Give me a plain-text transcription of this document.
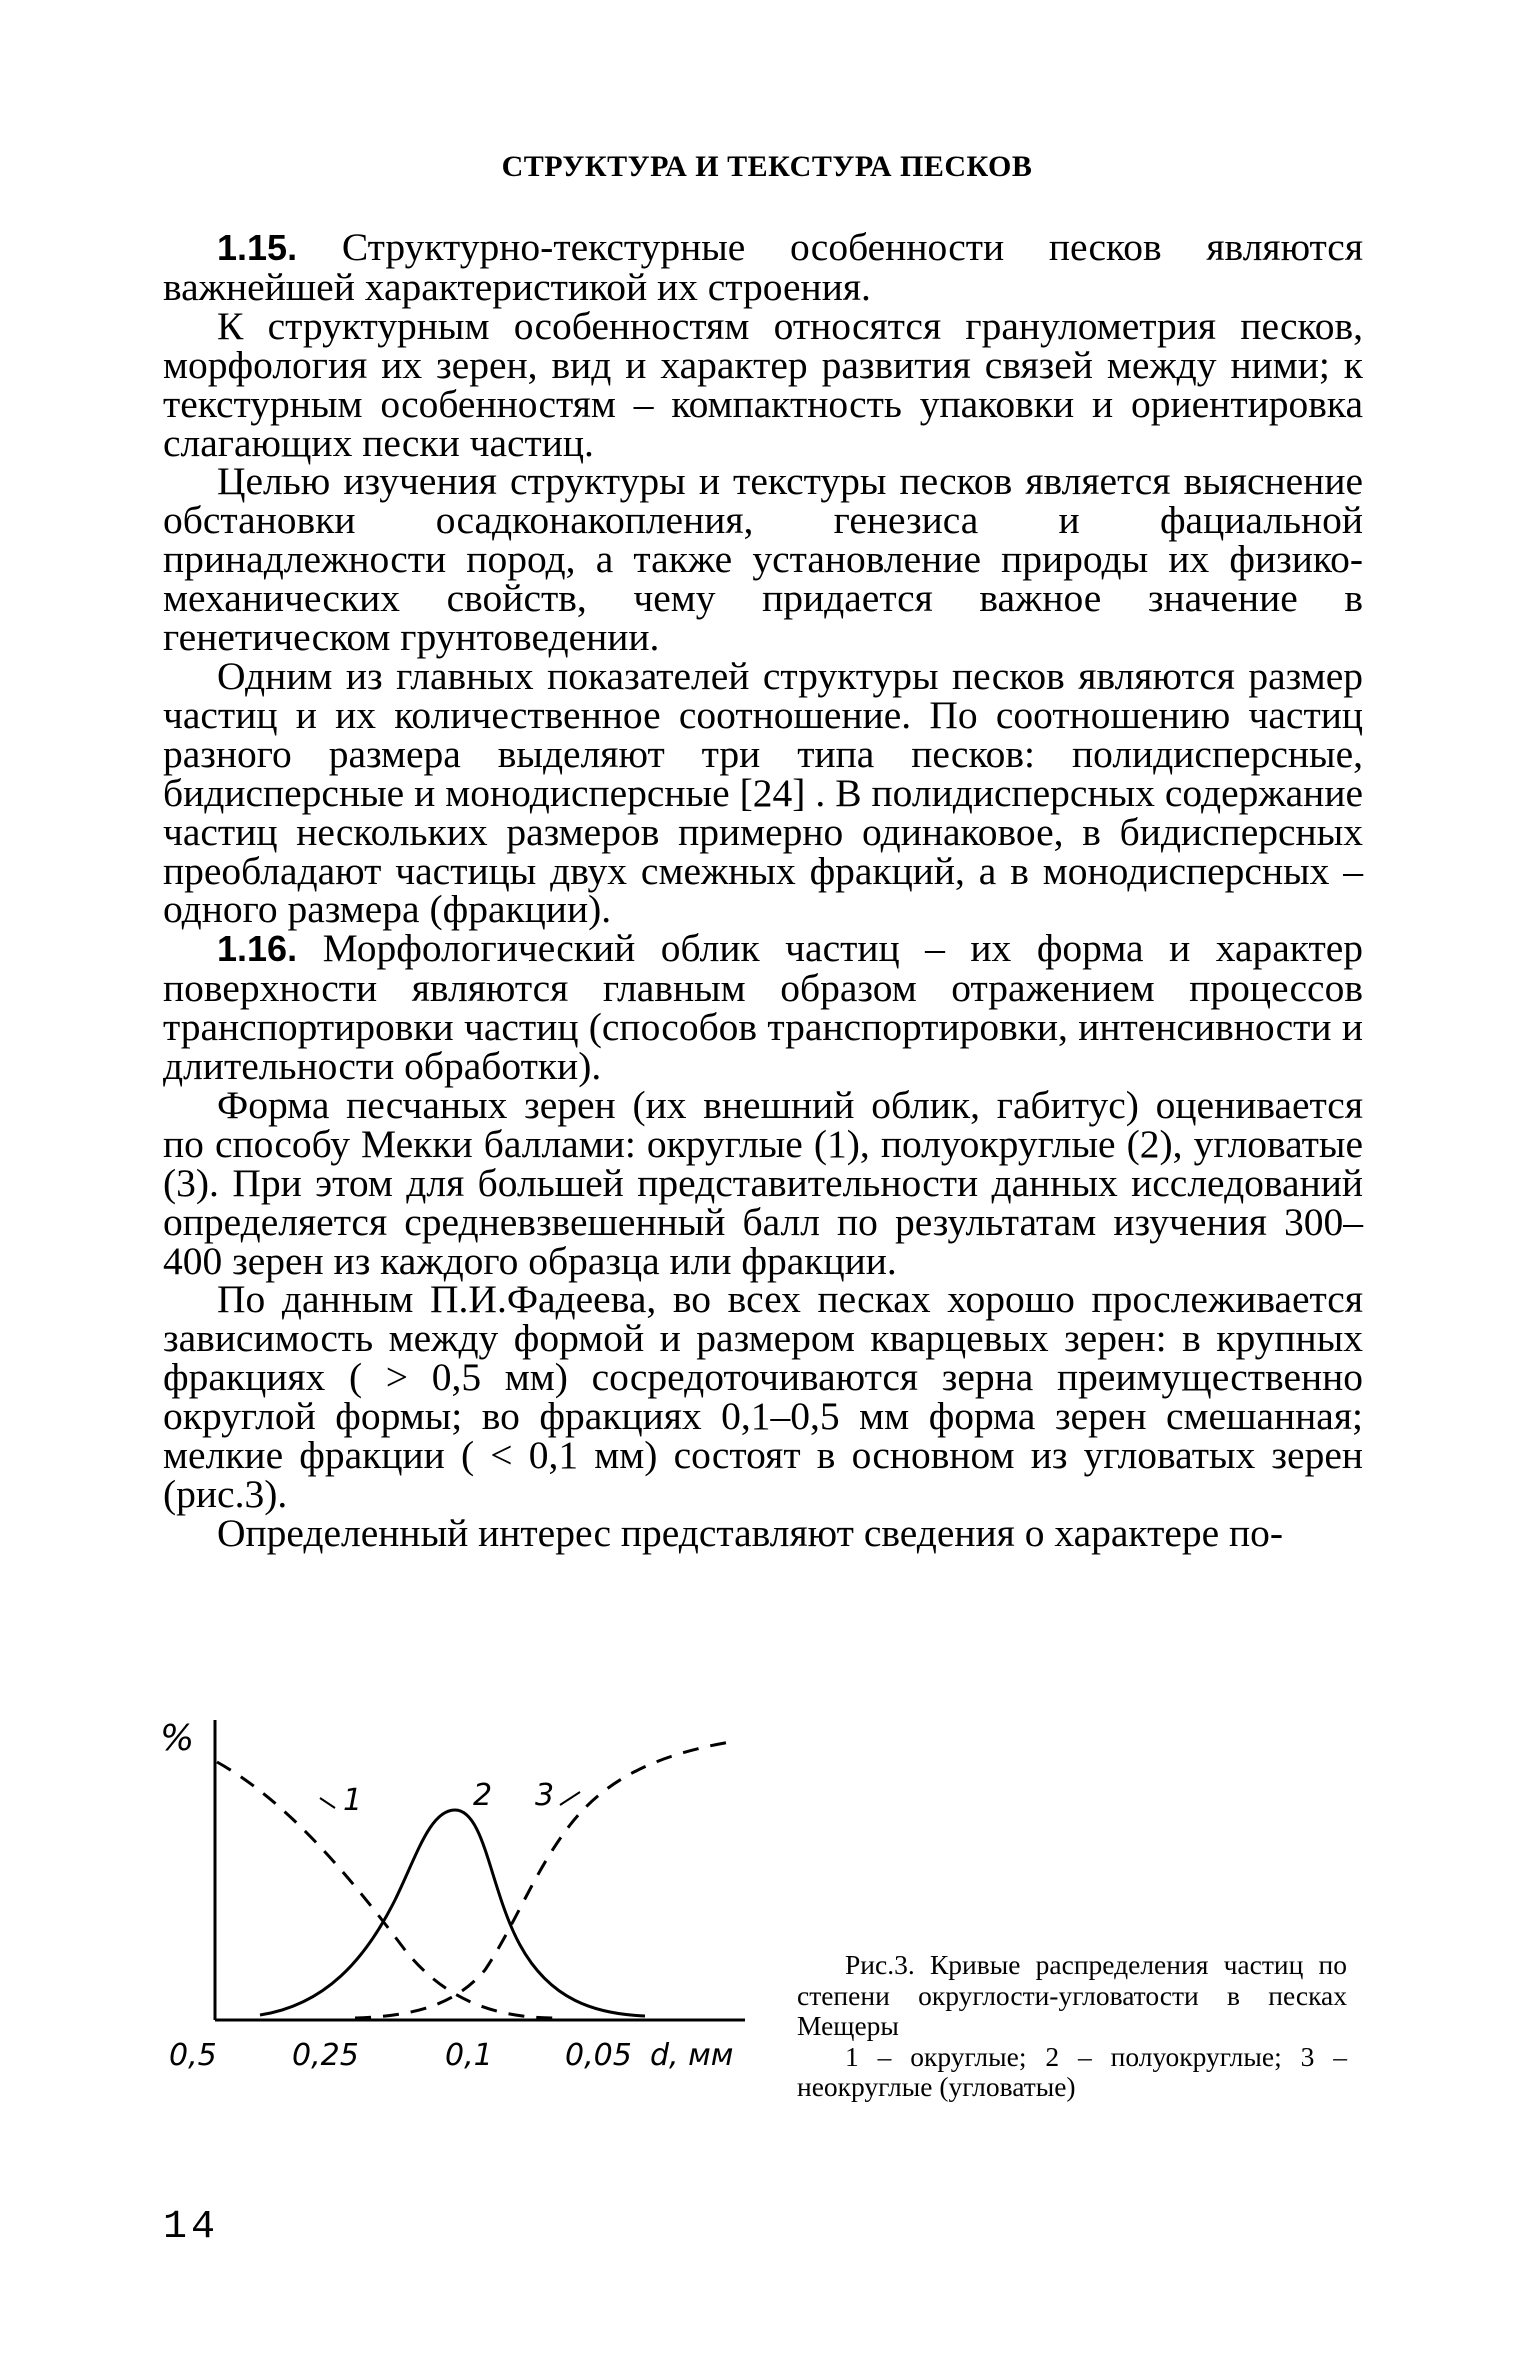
СТРУКТУРА И ТЕКСТУРА ПЕСКОВ

1.15. Структурно-текстурные особенности песков являются важнейшей характеристикой их строения.

К структурным особенностям относятся гранулометрия песков, морфология их зерен, вид и характер развития связей между ними; к текстурным особенностям – компактность упаковки и ориентировка слагающих пески частиц.

Целью изучения структуры и текстуры песков является выяснение обстановки осадконакопления, генезиса и фациальной принадлежности пород, а также установление природы их физико-механических свойств, чему придается важное значение в генетическом грунтоведении.

Одним из главных показателей структуры песков являются размер частиц и их количественное соотношение. По соотношению частиц разного размера выделяют три типа песков: полидисперсные, бидисперсные и монодисперсные [24] . В полидисперсных содержание частиц нескольких размеров примерно одинаковое, в бидисперсных преобладают частицы двух смежных фракций, а в монодисперсных – одного размера (фракции).

1.16. Морфологический облик частиц – их форма и характер поверхности являются главным образом отражением процессов транспортировки частиц (способов транспортировки, интенсивности и длительности обработки).

Форма песчаных зерен (их внешний облик, габитус) оценивается по способу Мекки баллами: округлые (1), полуокруглые (2), угловатые (3). При этом для большей представительности данных исследований определяется средневзвешенный балл по результатам изучения 300–400 зерен из каждого образца или фракции.

По данным П.И.Фадеева, во всех песках хорошо прослеживается зависимость между формой и размером кварцевых зерен: в крупных фракциях ( > 0,5 мм) сосредоточиваются зерна преимущественно округлой формы; во фракциях 0,1–0,5 мм форма зерен смешанная; мелкие фракции ( < 0,1 мм) состоят в основном из угловатых зерен (рис.3).

Определенный интерес представляют сведения о характере по-

%
1	2 3
0,5	0,25	0,1 0,05 d, мм
Рис.3. Кривые распределения частиц по степени округлости-угловатости в песках Мещеры
1 – округлые; 2 – полуокруглые; 3 – неокруглые (угловатые)
14
